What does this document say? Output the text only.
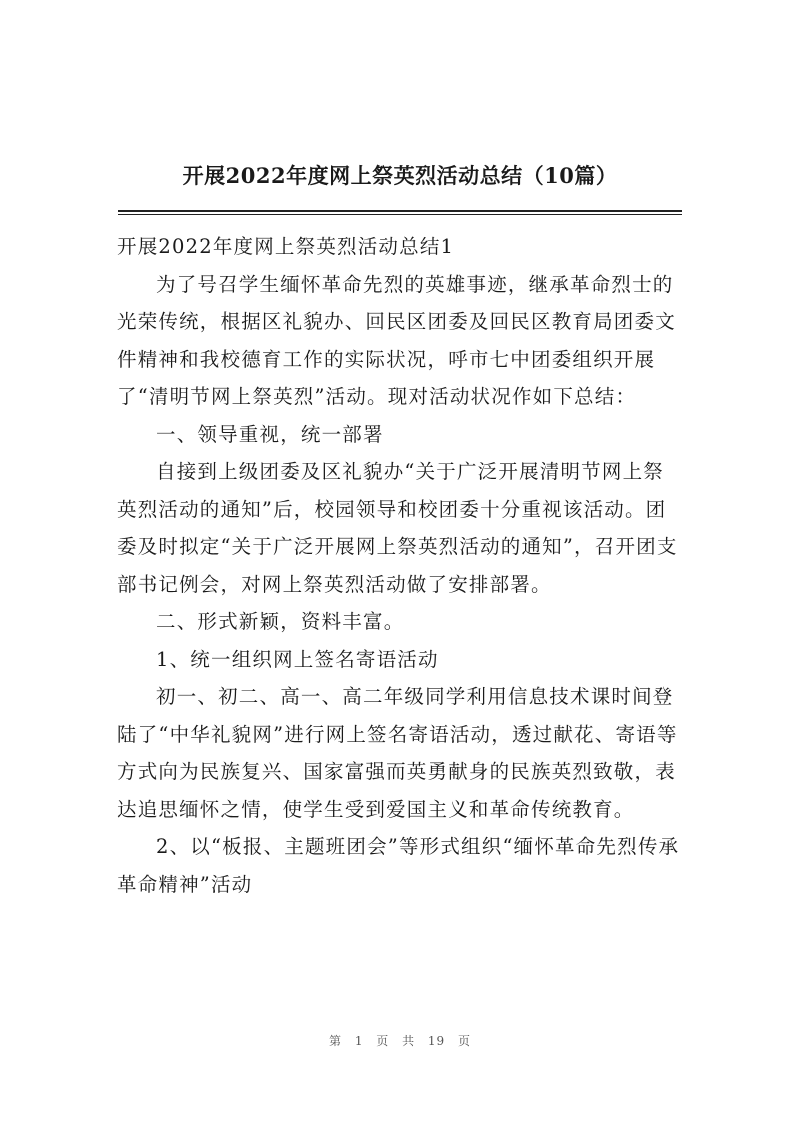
开展2022年度网上祭英烈活动总结（10篇）

开展2022年度网上祭英烈活动总结1

为了号召学生缅怀革命先烈的英雄事迹，继承革命烈士的光荣传统，根据区礼貌办、回民区团委及回民区教育局团委文件精神和我校德育工作的实际状况，呼市七中团委组织开展了“清明节网上祭英烈”活动。现对活动状况作如下总结：

一、领导重视，统一部署

自接到上级团委及区礼貌办“关于广泛开展清明节网上祭英烈活动的通知”后，校园领导和校团委十分重视该活动。团委及时拟定“关于广泛开展网上祭英烈活动的通知”，召开团支部书记例会，对网上祭英烈活动做了安排部署。

二、形式新颖，资料丰富。

1、统一组织网上签名寄语活动

初一、初二、高一、高二年级同学利用信息技术课时间登陆了“中华礼貌网”进行网上签名寄语活动，透过献花、寄语等方式向为民族复兴、国家富强而英勇献身的民族英烈致敬，表达追思缅怀之情，使学生受到爱国主义和革命传统教育。

2、以“板报、主题班团会”等形式组织“缅怀革命先烈传承革命精神”活动

第 1 页 共 19 页
